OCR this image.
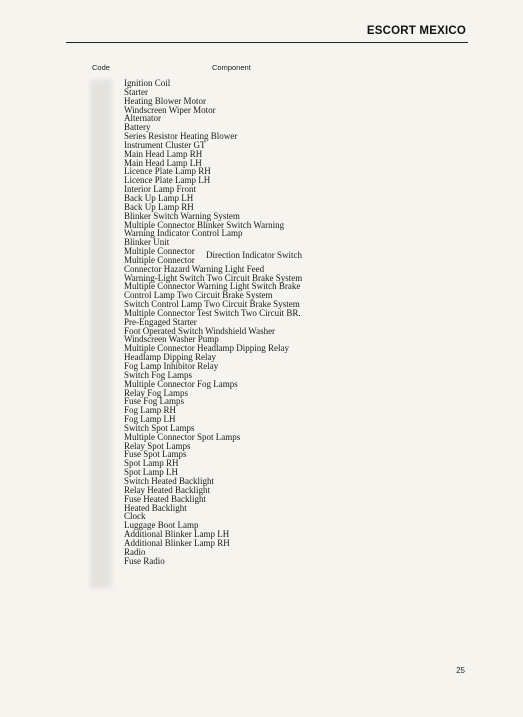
ESCORT MEXICO
Code	Component
Ignition Coil
Starter
Heating Blower Motor
Windscreen Wiper Motor
Alternator
Battery
Series Resistor Heating Blower
Instrument Cluster GT
Main Head Lamp RH
Main Head Lamp LH
Licence Plate Lamp RH
Licence Plate Lamp LH
Interior Lamp Front
Back Up Lamp LH
Back Up Lamp RH
Blinker Switch Warning System
Multiple Connector Blinker Switch Warning
Warning Indicator Control Lamp
Blinker Unit
Multiple Connector Direction Indicator Switch
Multiple Connector
Connector Hazard Warning Light Feed
Warning-Light Switch Two Circuit Brake System
Multiple Connector Warning Light Switch Brake
Control Lamp Two Circuit Brake System
Switch Control Lamp Two Circuit Brake System
Multiple Connector Test Switch Two Circuit BR.
Pre-Engaged Starter
Foot Operated Switch Windshield Washer
Windscreen Washer Pump
Multiple Connector Headlamp Dipping Relay
Headlamp Dipping Relay
Fog Lamp Inhibitor Relay
Switch Fog Lamps
Multiple Connector Fog Lamps
Relay Fog Lamps
Fuse Fog Lamps
Fog Lamp RH
Fog Lamp LH
Switch Spot Lamps
Multiple Connector Spot Lamps
Relay Spot Lamps
Fuse Spot Lamps
Spot Lamp RH
Spot Lamp LH
Switch Heated Backlight
Relay Heated Backlight
Fuse Heated Backlight
Heated Backlight
Clock
Luggage Boot Lamp
Additional Blinker Lamp LH
Additional Blinker Lamp RH
Radio
Fuse Radio
25
